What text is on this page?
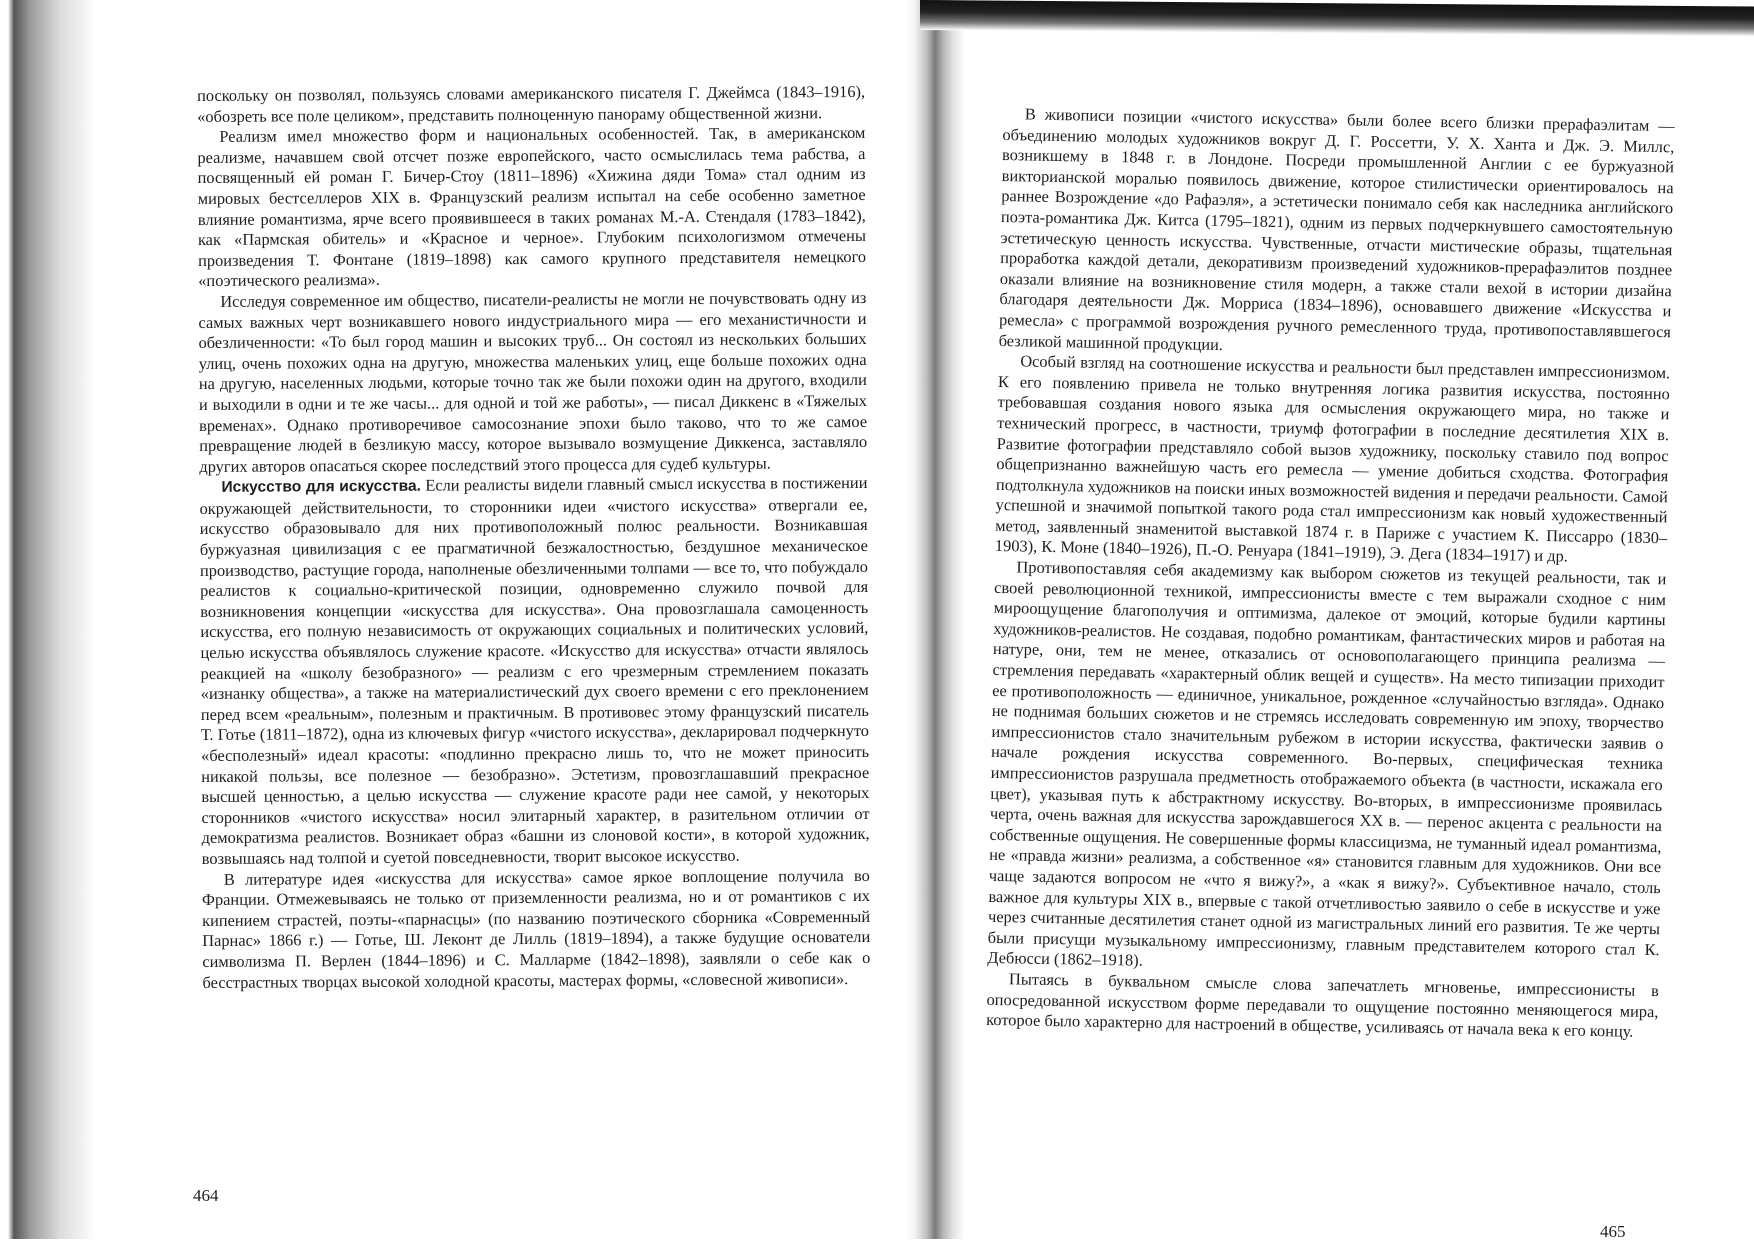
поскольку он позволял, пользуясь словами американского писателя Г. Джеймса (1843–1916), «обозреть все поле целиком», представить полноценную панораму общественной жизни.

Реализм имел множество форм и национальных особенностей. Так, в американском реализме, начавшем свой отсчет позже европейского, часто осмыслилась тема рабства, а посвященный ей роман Г. Бичер-Стоу (1811–1896) «Хижина дяди Тома» стал одним из мировых бестселлеров XIX в. Французский реализм испытал на себе особенно заметное влияние романтизма, ярче всего проявившееся в таких романах М.-А. Стендаля (1783–1842), как «Пармская обитель» и «Красное и черное». Глубоким психологизмом отмечены произведения Т. Фонтане (1819–1898) как самого крупного представителя немецкого «поэтического реализма».

Исследуя современное им общество, писатели-реалисты не могли не почувствовать одну из самых важных черт возникавшего нового индустриального мира — его механистичности и обезличенности: «То был город машин и высоких труб... Он состоял из нескольких больших улиц, очень похожих одна на другую, множества маленьких улиц, еще больше похожих одна на другую, населенных людьми, которые точно так же были похожи один на другого, входили и выходили в одни и те же часы... для одной и той же работы», — писал Диккенс в «Тяжелых временах». Однако противоречивое самосознание эпохи было таково, что то же самое превращение людей в безликую массу, которое вызывало возмущение Диккенса, заставляло других авторов опасаться скорее последствий этого процесса для судеб культуры.

Искусство для искусства. Если реалисты видели главный смысл искусства в постижении окружающей действительности, то сторонники идеи «чистого искусства» отвергали ее, искусство образовывало для них противоположный полюс реальности. Возникавшая буржуазная цивилизация с ее прагматичной безжалостностью, бездушное механическое производство, растущие города, наполненые обезличенными толпами — все то, что побуждало реалистов к социально-критической позиции, одновременно служило почвой для возникновения концепции «искусства для искусства». Она провозглашала самоценность искусства, его полную независимость от окружающих социальных и политических условий, целью искусства объявлялось служение красоте. «Искусство для искусства» отчасти являлось реакцией на «школу безобразного» — реализм с его чрезмерным стремлением показать «изнанку общества», а также на материалистический дух своего времени с его преклонением перед всем «реальным», полезным и практичным. В противовес этому французский писатель Т. Готье (1811–1872), одна из ключевых фигур «чистого искусства», декларировал подчеркнуто «бесполезный» идеал красоты: «подлинно прекрасно лишь то, что не может приносить никакой пользы, все полезное — безобразно». Эстетизм, провозглашавший прекрасное высшей ценностью, а целью искусства — служение красоте ради нее самой, у некоторых сторонников «чистого искусства» носил элитарный характер, в разительном отличии от демократизма реалистов. Возникает образ «башни из слоновой кости», в которой художник, возвышаясь над толпой и суетой повседневности, творит высокое искусство.

В литературе идея «искусства для искусства» самое яркое воплощение получила во Франции. Отмежевываясь не только от приземленности реализма, но и от романтиков с их кипением страстей, поэты-«парнасцы» (по названию поэтического сборника «Современный Парнас» 1866 г.) — Готье, Ш. Леконт де Лилль (1819–1894), а также будущие основатели символизма П. Верлен (1844–1896) и С. Малларме (1842–1898), заявляли о себе как о бесстрастных творцах высокой холодной красоты, мастерах формы, «словесной живописи».

464

В живописи позиции «чистого искусства» были более всего близки прерафаэлитам — объединению молодых художников вокруг Д. Г. Россетти, У. Х. Ханта и Дж. Э. Миллс, возникшему в 1848 г. в Лондоне. Посреди промышленной Англии с ее буржуазной викторианской моралью появилось движение, которое стилистически ориентировалось на раннее Возрождение «до Рафаэля», а эстетически понимало себя как наследника английского поэта-романтика Дж. Китса (1795–1821), одним из первых подчеркнувшего самостоятельную эстетическую ценность искусства. Чувственные, отчасти мистические образы, тщательная проработка каждой детали, декоративизм произведений художников-прерафаэлитов позднее оказали влияние на возникновение стиля модерн, а также стали вехой в истории дизайна благодаря деятельности Дж. Морриса (1834–1896), основавшего движение «Искусства и ремесла» с программой возрождения ручного ремесленного труда, противопоставлявшегося безликой машинной продукции.

Особый взгляд на соотношение искусства и реальности был представлен импрессионизмом. К его появлению привела не только внутренняя логика развития искусства, постоянно требовавшая создания нового языка для осмысления окружающего мира, но также и технический прогресс, в частности, триумф фотографии в последние десятилетия XIX в. Развитие фотографии представляло собой вызов художнику, поскольку ставило под вопрос общепризнанно важнейшую часть его ремесла — умение добиться сходства. Фотография подтолкнула художников на поиски иных возможностей видения и передачи реальности. Самой успешной и значимой попыткой такого рода стал импрессионизм как новый художественный метод, заявленный знаменитой выставкой 1874 г. в Париже с участием К. Писсарро (1830–1903), К. Моне (1840–1926), П.-О. Ренуара (1841–1919), Э. Дега (1834–1917) и др.

Противопоставляя себя академизму как выбором сюжетов из текущей реальности, так и своей революционной техникой, импрессионисты вместе с тем выражали сходное с ним мироощущение благополучия и оптимизма, далекое от эмоций, которые будили картины художников-реалистов. Не создавая, подобно романтикам, фантастических миров и работая на натуре, они, тем не менее, отказались от основополагающего принципа реализма — стремления передавать «характерный облик вещей и существ». На место типизации приходит ее противоположность — единичное, уникальное, рожденное «случайностью взгляда». Однако не поднимая больших сюжетов и не стремясь исследовать современную им эпоху, творчество импрессионистов стало значительным рубежом в истории искусства, фактически заявив о начале рождения искусства современного. Во-первых, специфическая техника импрессионистов разрушала предметность отображаемого объекта (в частности, искажала его цвет), указывая путь к абстрактному искусству. Во-вторых, в импрессионизме проявилась черта, очень важная для искусства зарождавшегося XX в. — перенос акцента с реальности на собственные ощущения. Не совершенные формы классицизма, не туманный идеал романтизма, не «правда жизни» реализма, а собственное «я» становится главным для художников. Они все чаще задаются вопросом не «что я вижу?», а «как я вижу?». Субъективное начало, столь важное для культуры XIX в., впервые с такой отчетливостью заявило о себе в искусстве и уже через считанные десятилетия станет одной из магистральных линий его развития. Те же черты были присущи музыкальному импрессионизму, главным представителем которого стал К. Дебюсси (1862–1918).

Пытаясь в буквальном смысле слова запечатлеть мгновенье, импрессионисты в опосредованной искусством форме передавали то ощущение постоянно меняющегося мира, которое было характерно для настроений в обществе, усиливаясь от начала века к его концу.

465
